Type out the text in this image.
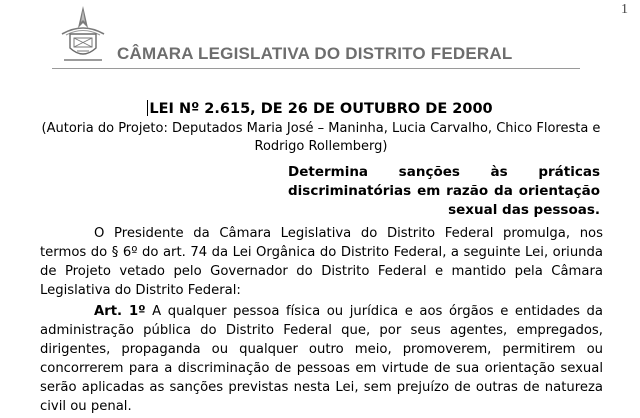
1
CÂMARA LEGISLATIVA DO DISTRITO FEDERAL
LEI Nº 2.615, DE 26 DE OUTUBRO DE 2000
(Autoria do Projeto: Deputados Maria José – Maninha, Lucia Carvalho, Chico Floresta e Rodrigo Rollemberg)
Determina sanções às práticas discriminatórias em razão da orientação sexual das pessoas.
O Presidente da Câmara Legislativa do Distrito Federal promulga, nos termos do § 6º do art. 74 da Lei Orgânica do Distrito Federal, a seguinte Lei, oriunda de Projeto vetado pelo Governador do Distrito Federal e mantido pela Câmara Legislativa do Distrito Federal:
Art. 1º A qualquer pessoa física ou jurídica e aos órgãos e entidades da administração pública do Distrito Federal que, por seus agentes, empregados, dirigentes, propaganda ou qualquer outro meio, promoverem, permitirem ou concorrerem para a discriminação de pessoas em virtude de sua orientação sexual serão aplicadas as sanções previstas nesta Lei, sem prejuízo de outras de natureza civil ou penal.
